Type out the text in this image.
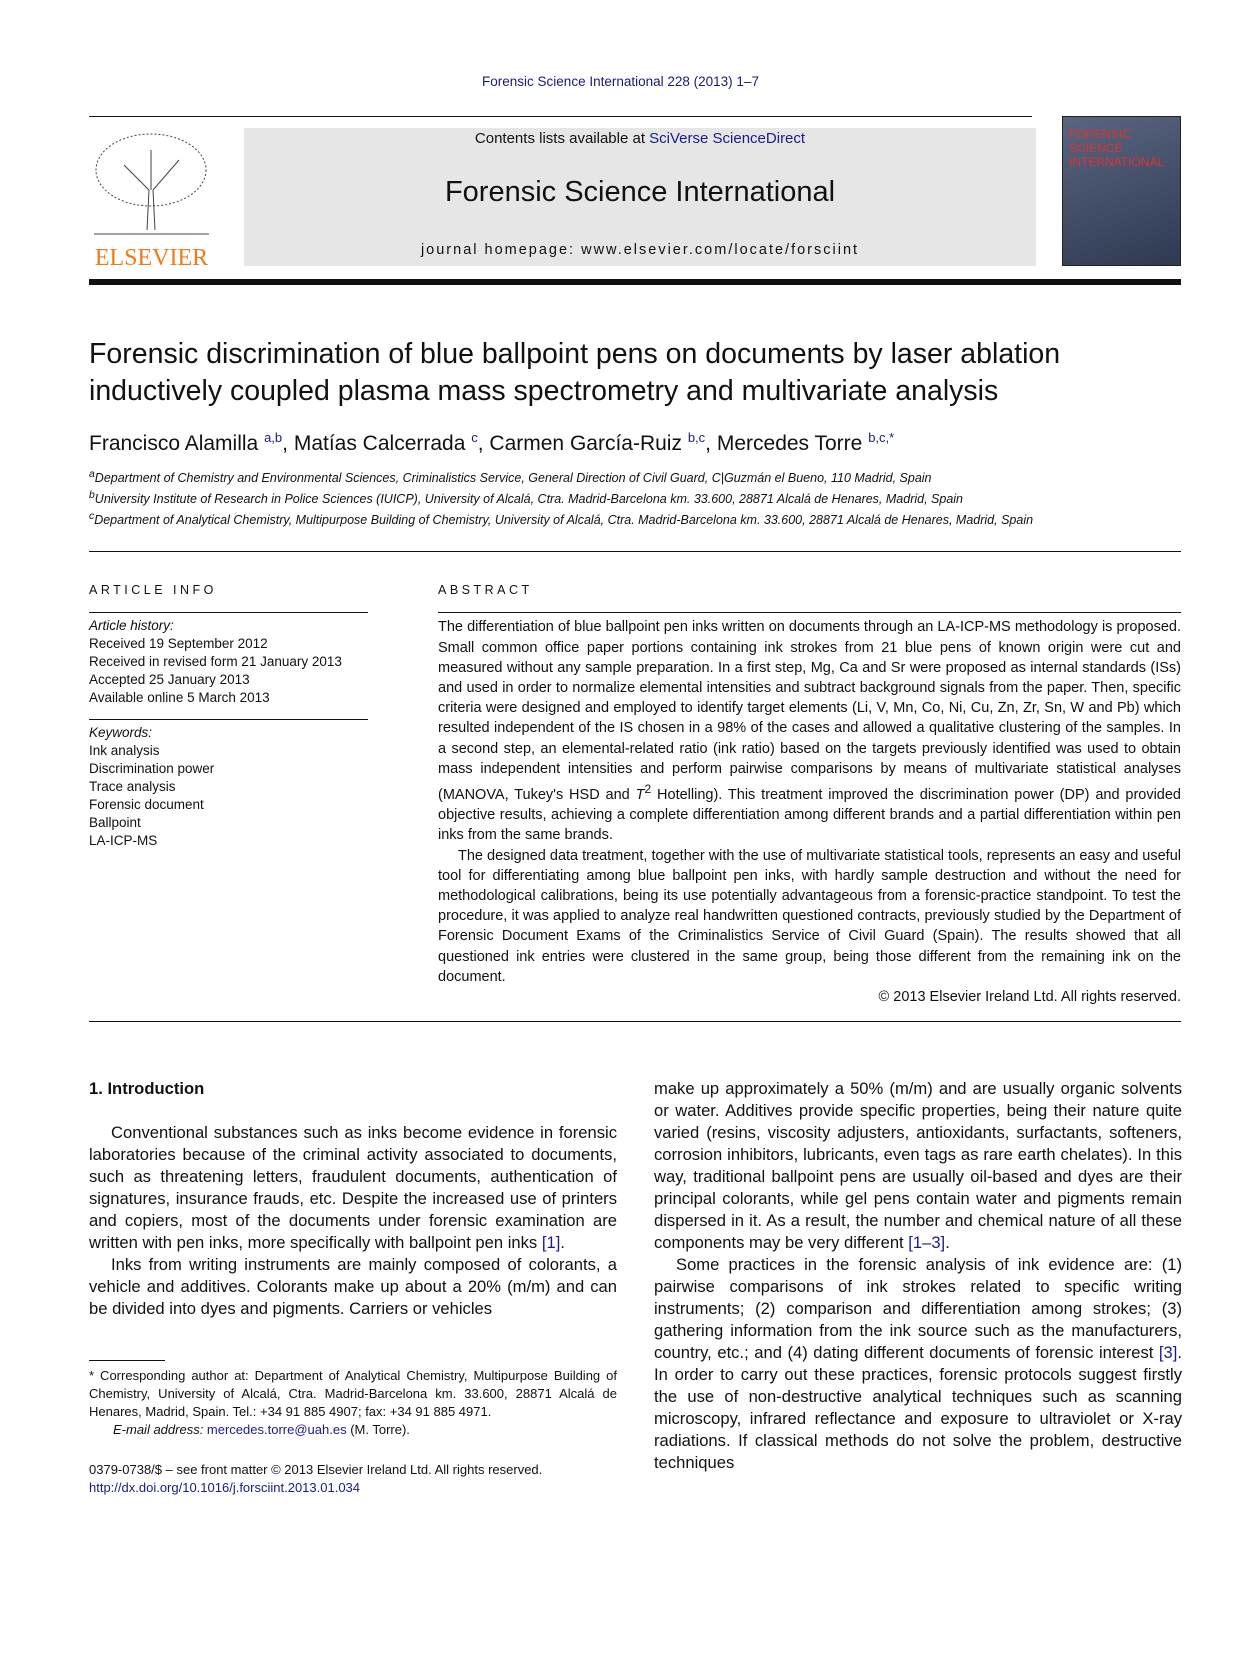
Forensic Science International 228 (2013) 1–7
ELSEVIER
Contents lists available at SciVerse ScienceDirect
Forensic Science International
journal homepage: www.elsevier.com/locate/forsciint
FORENSIC SCIENCE INTERNATIONAL
Forensic discrimination of blue ballpoint pens on documents by laser ablation inductively coupled plasma mass spectrometry and multivariate analysis
Francisco Alamilla $^{a,b}$, Matías Calcerrada $^c$, Carmen García-Ruiz $^{b,c}$, Mercedes Torre $^{b,c,*}$
$^a$Department of Chemistry and Environmental Sciences, Criminalistics Service, General Direction of Civil Guard, C|Guzmán el Bueno, 110 Madrid, Spain
$^b$University Institute of Research in Police Sciences (IUICP), University of Alcalá, Ctra. Madrid-Barcelona km. 33.600, 28871 Alcalá de Henares, Madrid, Spain
$^c$Department of Analytical Chemistry, Multipurpose Building of Chemistry, University of Alcalá, Ctra. Madrid-Barcelona km. 33.600, 28871 Alcalá de Henares, Madrid, Spain
ARTICLE INFO
Article history:
Received 19 September 2012
Received in revised form 21 January 2013
Accepted 25 January 2013
Available online 5 March 2013
Keywords:
Ink analysis
Discrimination power
Trace analysis
Forensic document
Ballpoint
LA-ICP-MS
ABSTRACT

The differentiation of blue ballpoint pen inks written on documents through an LA-ICP-MS methodology is proposed. Small common office paper portions containing ink strokes from 21 blue pens of known origin were cut and measured without any sample preparation. In a first step, Mg, Ca and Sr were proposed as internal standards (ISs) and used in order to normalize elemental intensities and subtract background signals from the paper. Then, specific criteria were designed and employed to identify target elements (Li, V, Mn, Co, Ni, Cu, Zn, Zr, Sn, W and Pb) which resulted independent of the IS chosen in a 98% of the cases and allowed a qualitative clustering of the samples. In a second step, an elemental-related ratio (ink ratio) based on the targets previously identified was used to obtain mass independent intensities and perform pairwise comparisons by means of multivariate statistical analyses (MANOVA, Tukey's HSD and $T^2$ Hotelling). This treatment improved the discrimination power (DP) and provided objective results, achieving a complete differentiation among different brands and a partial differentiation within pen inks from the same brands.

The designed data treatment, together with the use of multivariate statistical tools, represents an easy and useful tool for differentiating among blue ballpoint pen inks, with hardly sample destruction and without the need for methodological calibrations, being its use potentially advantageous from a forensic-practice standpoint. To test the procedure, it was applied to analyze real handwritten questioned contracts, previously studied by the Department of Forensic Document Exams of the Criminalistics Service of Civil Guard (Spain). The results showed that all questioned ink entries were clustered in the same group, being those different from the remaining ink on the document.

© 2013 Elsevier Ireland Ltd. All rights reserved.

1. Introduction

Conventional substances such as inks become evidence in forensic laboratories because of the criminal activity associated to documents, such as threatening letters, fraudulent documents, authentication of signatures, insurance frauds, etc. Despite the increased use of printers and copiers, most of the documents under forensic examination are written with pen inks, more specifically with ballpoint pen inks [1].

Inks from writing instruments are mainly composed of colorants, a vehicle and additives. Colorants make up about a 20% (m/m) and can be divided into dyes and pigments. Carriers or vehicles

* Corresponding author at: Department of Analytical Chemistry, Multipurpose Building of Chemistry, University of Alcalá, Ctra. Madrid-Barcelona km. 33.600, 28871 Alcalá de Henares, Madrid, Spain. Tel.: +34 91 885 4907; fax: +34 91 885 4971.
E-mail address: mercedes.torre@uah.es (M. Torre).
0379-0738/$ – see front matter © 2013 Elsevier Ireland Ltd. All rights reserved.
http://dx.doi.org/10.1016/j.forsciint.2013.01.034

make up approximately a 50% (m/m) and are usually organic solvents or water. Additives provide specific properties, being their nature quite varied (resins, viscosity adjusters, antioxidants, surfactants, softeners, corrosion inhibitors, lubricants, even tags as rare earth chelates). In this way, traditional ballpoint pens are usually oil-based and dyes are their principal colorants, while gel pens contain water and pigments remain dispersed in it. As a result, the number and chemical nature of all these components may be very different [1–3].

Some practices in the forensic analysis of ink evidence are: (1) pairwise comparisons of ink strokes related to specific writing instruments; (2) comparison and differentiation among strokes; (3) gathering information from the ink source such as the manufacturers, country, etc.; and (4) dating different documents of forensic interest [3]. In order to carry out these practices, forensic protocols suggest firstly the use of non-destructive analytical techniques such as scanning microscopy, infrared reflectance and exposure to ultraviolet or X-ray radiations. If classical methods do not solve the problem, destructive techniques
